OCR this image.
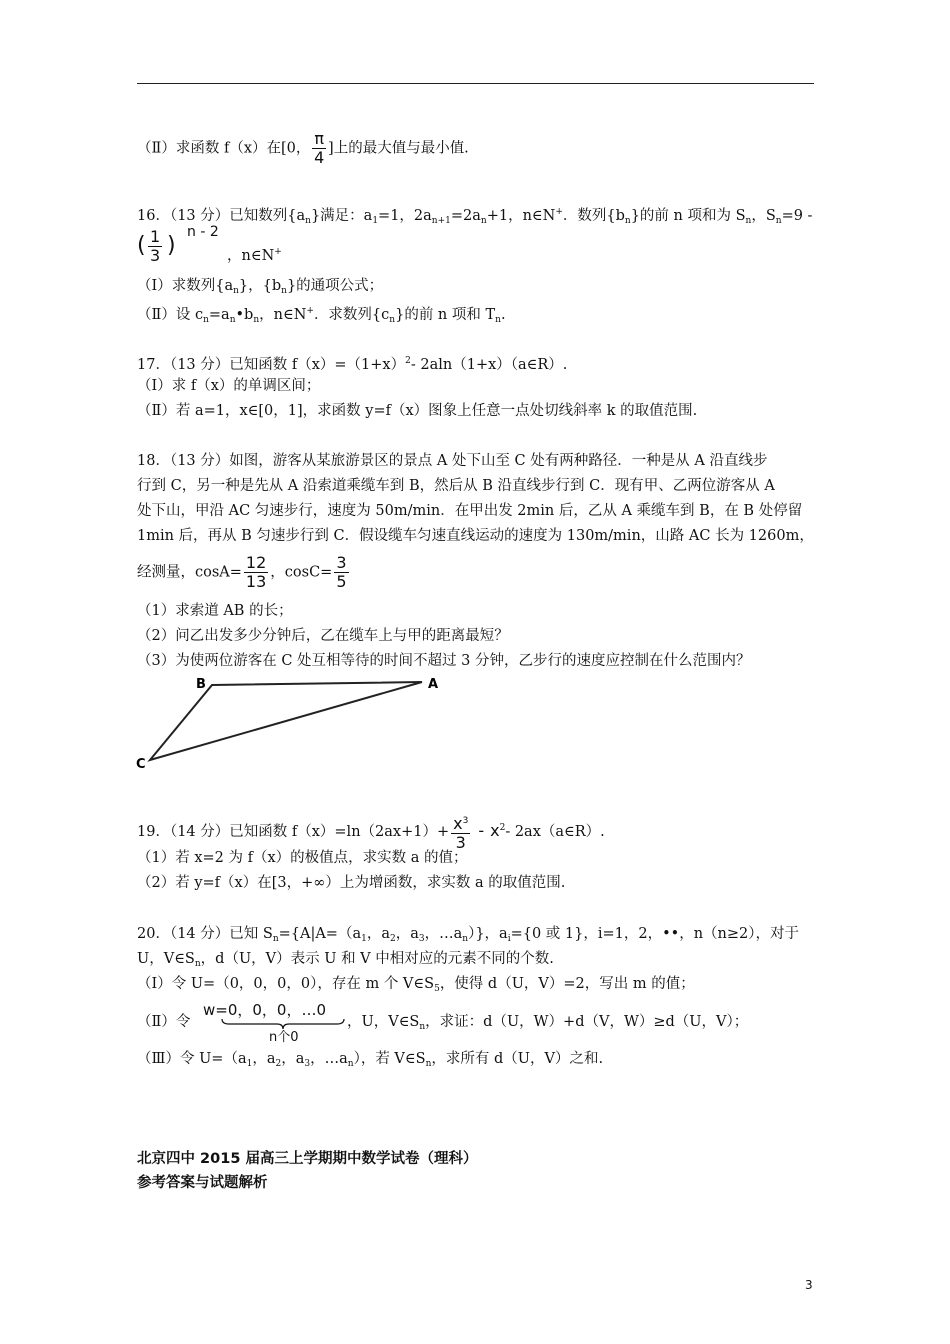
（Ⅱ）求函数 f（x）在[0， $\frac{\pi}{4}$ ]上的最大值与最小值.
16．（13 分）已知数列$\{a_n\}$满足：$a_1=1$，$2a_{n+1}=2a_n+1$，n∈N+．数列$\{b_n\}$的前 n 项和为 $S_n$，$S_n=9$ -
( $\frac{1}{3}$ )
n - 2
，n∈N+
（Ⅰ）求数列$\{a_n\}$，$\{b_n\}$的通项公式；
（Ⅱ）设 $c_n=a_n•b_n$，n∈N+．求数列$\{c_n\}$的前 n 项和 $T_n$.
17．（13 分）已知函数 $f(x)=(1+x)^2-$ 2aln（1+x）（a∈R）.
（Ⅰ）求 f（x）的单调区间；
（Ⅱ）若 a=1，x∈[0，1]，求函数 y=f（x）图象上任意一点处切线斜率 k 的取值范围.
18．（13 分）如图，游客从某旅游景区的景点 A 处下山至 C 处有两种路径．一种是从 A 沿直线步
行到 C，另一种是先从 A 沿索道乘缆车到 B，然后从 B 沿直线步行到 C．现有甲、乙两位游客从 A
处下山，甲沿 AC 匀速步行，速度为 50m/min．在甲出发 2min 后，乙从 A 乘缆车到 B，在 B 处停留
1min 后，再从 B 匀速步行到 C．假设缆车匀速直线运动的速度为 130m/min，山路 AC 长为 1260m，
经测量，$\cos A= \frac{12}{13}$ ，$\cos C= \frac{3}{5}$
（1）求索道 AB 的长；
（2）问乙出发多少分钟后，乙在缆车上与甲的距离最短？
（3）为使两位游客在 C 处互相等待的时间不超过 3 分钟，乙步行的速度应控制在什么范围内？
B	A
C
19．（14 分）已知函数 $f(x)=\ln(2ax+1)+ \frac{x^3}{3} - x^2-$ 2ax（a∈R）.
（1）若 x=2 为 f（x）的极值点，求实数 a 的值；
（2）若 y=f（x）在[3，+∞）上为增函数，求实数 a 的取值范围.
20．（14 分）已知 $S_n=\{A|A=(a_1$，$a_2$，$a_3$，$\dots a_n$）}，$a_i=\{0$ 或 1}，i=1，2，••，n（n≥2），对于
U，$V\in S_n$，d（U，V）表示 U 和 V 中相对应的元素不同的个数.
（Ⅰ）令 U=（0，0，0，0），存在 m 个 $V\in S_5$，使得 d（U，V）=2，写出 m 的值；
（Ⅱ）令
w=0，0，0，…0
n个0
，U，$V\in S_n$，求证：d（U，W）+d（V，W）≥d（U，V）；
（Ⅲ）令 $U=(a_1$，$a_2$，$a_3$，$\dots a_n$），若 $V\in S_n$，求所有 d（U，V）之和.
北京四中 2015 届高三上学期期中数学试卷（理科）
参考答案与试题解析
3
